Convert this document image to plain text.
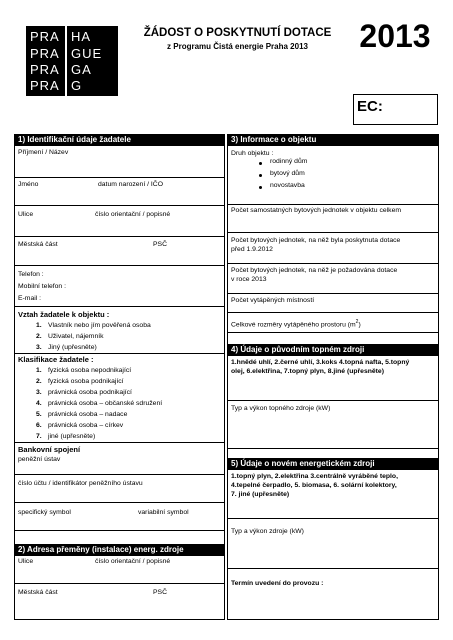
PRA HA
PRA GUE
PRA GA
PRA G
ŽÁDOST O POSKYTNUTÍ DOTACE
z Programu Čistá energie Praha 2013	2013
EC:
1) Identifikační údaje žadatele
Příjmení / Název
Jméno	datum narození / IČO
Ulice	číslo orientační / popisné
Městská část	PSČ
Telefon :
Mobilní telefon :
E-mail :
Vztah žadatele k objektu :
1. Vlastník nebo jím pověřená osoba
2. Uživatel, nájemník
3. Jiný (upřesněte)
Klasifikace žadatele :
1. fyzická osoba nepodnikající
2. fyzická osoba podnikající
3. právnická osoba podnikající
4. právnická osoba – občanské sdružení
5. právnická osoba – nadace
6. právnická osoba – církev
7. jiné (upřesněte)
Bankovní spojení
peněžní ústav
číslo účtu / identifikátor peněžního ústavu
specifický symbol	variabilní symbol
2) Adresa přeměny (instalace) energ. zdroje
Ulice	číslo orientační / popisné
Městská část	PSČ
3) Informace o objektu
Druh objektu :
rodinný dům
bytový dům
novostavba
Počet samostatných bytových jednotek v objektu celkem
Počet bytových jednotek, na něž byla poskytnuta dotace před 1.9.2012
Počet bytových jednotek, na něž je požadována dotace v roce 2013
Počet vytápěných místností
Celkové rozměry vytápěného prostoru $(m^2)$
4) Údaje o původním topném zdroji
1.hnědé uhlí, 2.černé uhlí, 3.koks 4.topná nafta, 5.topný
olej, 6.elektřina, 7.topný plyn, 8.jiné (upřesněte)
Typ a výkon topného zdroje (kW)
5) Údaje o novém energetickém zdroji
1.topný plyn, 2.elektřina 3.centrálně vyráběné teplo,
4.tepelné čerpadlo, 5. biomasa, 6. solární kolektory,
7. jiné (upřesněte)
Typ a výkon zdroje (kW)
Termín uvedení do provozu :
